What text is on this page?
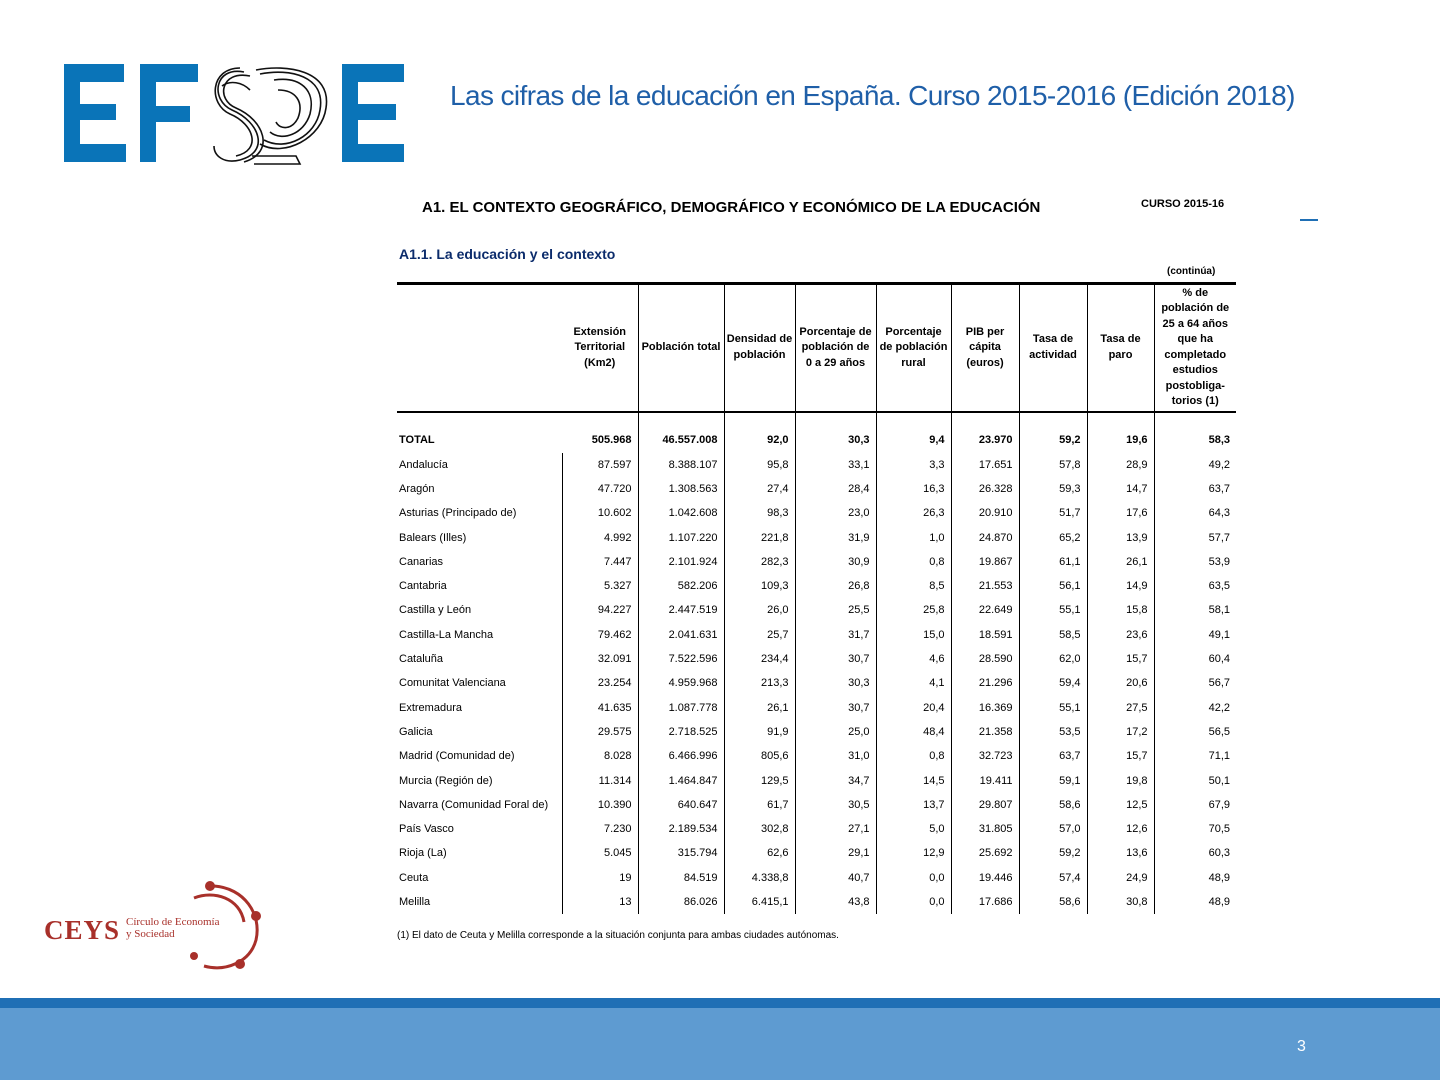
Las cifras de la educación en España. Curso 2015-2016 (Edición 2018)
A1. EL CONTEXTO GEOGRÁFICO, DEMOGRÁFICO Y ECONÓMICO DE LA EDUCACIÓN	CURSO 2015-16
A1.1. La educación y el contexto
(continúa)
	Extensión Territorial (Km2)	Población total	Densidad de población	Porcentaje de población de 0 a 29 años	Porcentaje de población rural	PIB per cápita (euros)	Tasa de actividad	Tasa de paro	% de población de 25 a 64 años que ha completado estudios postobliga-torios (1)

TOTAL	505.968	46.557.008	92,0	30,3	9,4	23.970	59,2	19,6	58,3
Andalucía	87.597	8.388.107	95,8	33,1	3,3	17.651	57,8	28,9	49,2
Aragón	47.720	1.308.563	27,4	28,4	16,3	26.328	59,3	14,7	63,7
Asturias (Principado de)	10.602	1.042.608	98,3	23,0	26,3	20.910	51,7	17,6	64,3
Balears (Illes)	4.992	1.107.220	221,8	31,9	1,0	24.870	65,2	13,9	57,7
Canarias	7.447	2.101.924	282,3	30,9	0,8	19.867	61,1	26,1	53,9
Cantabria	5.327	582.206	109,3	26,8	8,5	21.553	56,1	14,9	63,5
Castilla y León	94.227	2.447.519	26,0	25,5	25,8	22.649	55,1	15,8	58,1
Castilla-La Mancha	79.462	2.041.631	25,7	31,7	15,0	18.591	58,5	23,6	49,1
Cataluña	32.091	7.522.596	234,4	30,7	4,6	28.590	62,0	15,7	60,4
Comunitat Valenciana	23.254	4.959.968	213,3	30,3	4,1	21.296	59,4	20,6	56,7
Extremadura	41.635	1.087.778	26,1	30,7	20,4	16.369	55,1	27,5	42,2
Galicia	29.575	2.718.525	91,9	25,0	48,4	21.358	53,5	17,2	56,5
Madrid (Comunidad de)	8.028	6.466.996	805,6	31,0	0,8	32.723	63,7	15,7	71,1
Murcia (Región de)	11.314	1.464.847	129,5	34,7	14,5	19.411	59,1	19,8	50,1
Navarra (Comunidad Foral de)	10.390	640.647	61,7	30,5	13,7	29.807	58,6	12,5	67,9
País Vasco	7.230	2.189.534	302,8	27,1	5,0	31.805	57,0	12,6	70,5
Rioja (La)	5.045	315.794	62,6	29,1	12,9	25.692	59,2	13,6	60,3
Ceuta	19	84.519	4.338,8	40,7	0,0	19.446	57,4	24,9	48,9
Melilla	13	86.026	6.415,1	43,8	0,0	17.686	58,6	30,8	48,9
(1) El dato de Ceuta y Melilla corresponde a la situación conjunta para ambas ciudades autónomas.
CEYS Círculo de Economía
y Sociedad
3
